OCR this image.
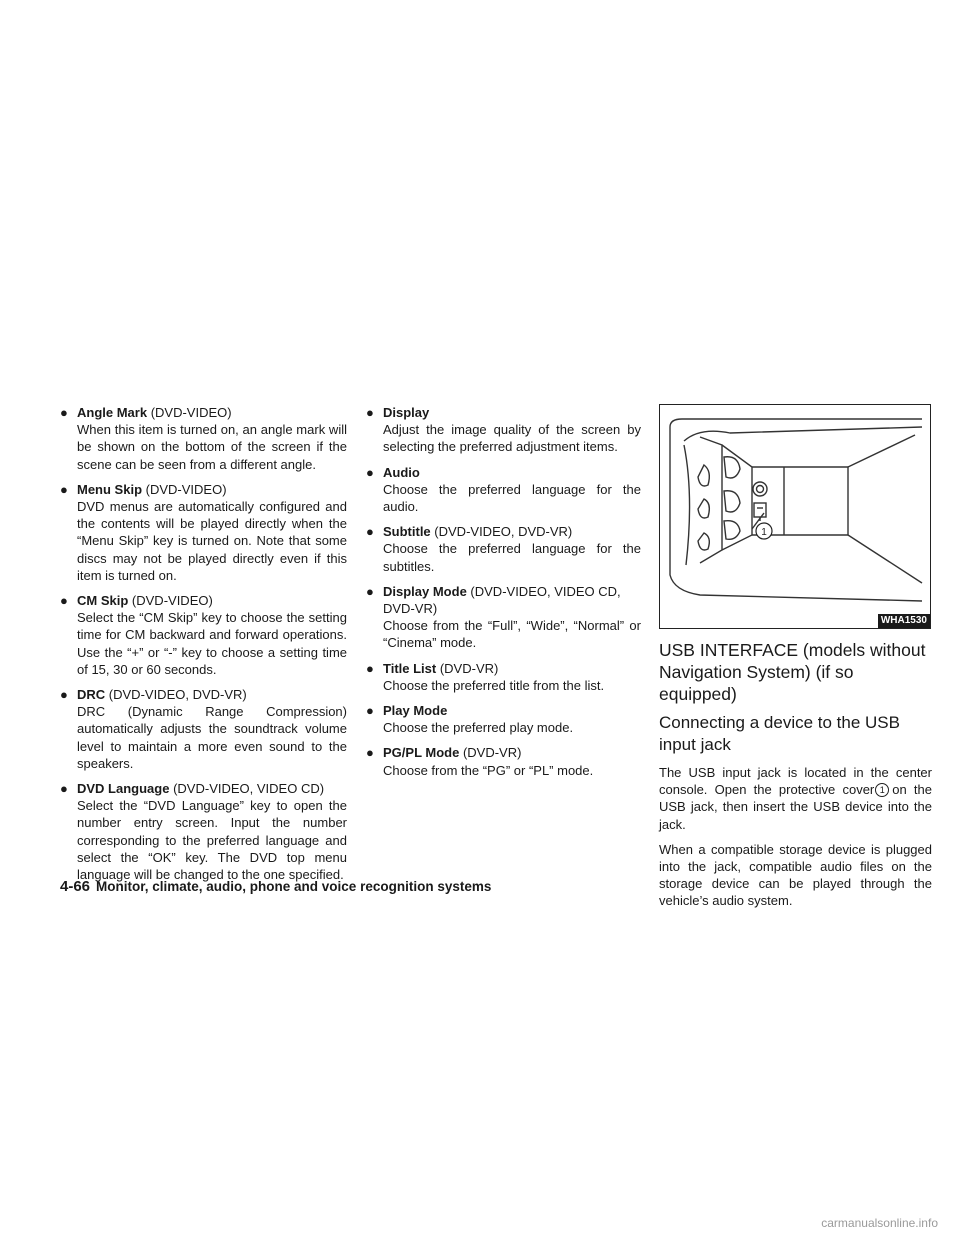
● Angle Mark (DVD-VIDEO)
When this item is turned on, an angle mark will be shown on the bottom of the screen if the scene can be seen from a different angle.
● Menu Skip (DVD-VIDEO)
DVD menus are automatically configured and the contents will be played directly when the “Menu Skip” key is turned on. Note that some discs may not be played directly even if this item is turned on.
● CM Skip (DVD-VIDEO)
Select the “CM Skip” key to choose the setting time for CM backward and forward operations. Use the “+” or “-” key to choose a setting time of 15, 30 or 60 seconds.
● DRC (DVD-VIDEO, DVD-VR)
DRC (Dynamic Range Compression) automatically adjusts the soundtrack volume level to maintain a more even sound to the speakers.
● DVD Language (DVD-VIDEO, VIDEO CD)
Select the “DVD Language” key to open the number entry screen. Input the number corresponding to the preferred language and select the “OK” key. The DVD top menu language will be changed to the one specified.
● Display
Adjust the image quality of the screen by selecting the preferred adjustment items.
● Audio
Choose the preferred language for the audio.
● Subtitle (DVD-VIDEO, DVD-VR)
Choose the preferred language for the subtitles.
● Display Mode (DVD-VIDEO, VIDEO CD, DVD-VR)
Choose from the “Full”, “Wide”, “Normal” or “Cinema” mode.
● Title List (DVD-VR)
Choose the preferred title from the list.
● Play Mode
Choose the preferred play mode.
● PG/PL Mode (DVD-VR)
Choose from the “PG” or “PL” mode.
1
WHA1530
USB INTERFACE (models without Navigation System) (if so equipped)
Connecting a device to the USB input jack

The USB input jack is located in the center console. Open the protective cover 1 on the USB jack, then insert the USB device into the jack.

When a compatible storage device is plugged into the jack, compatible audio files on the storage device can be played through the vehicle’s audio system.

4-66 Monitor, climate, audio, phone and voice recognition systems
carmanualsonline.info
